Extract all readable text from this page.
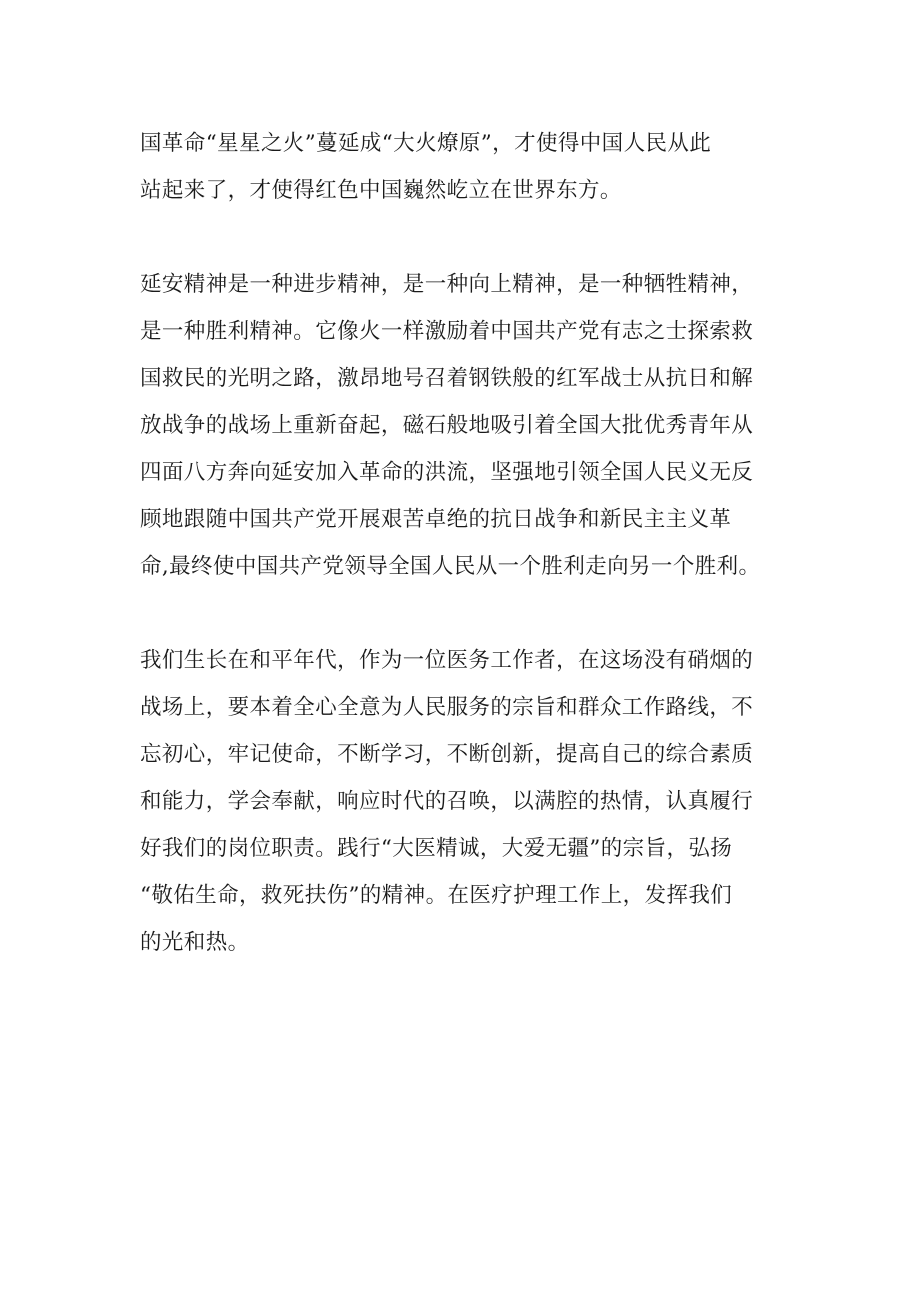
国革命“星星之火”蔓延成“大火燎原”，才使得中国人民从此
站起来了，才使得红色中国巍然屹立在世界东方。

延安精神是一种进步精神，是一种向上精神，是一种牺牲精神，
是一种胜利精神。它像火一样激励着中国共产党有志之士探索救
国救民的光明之路，激昂地号召着钢铁般的红军战士从抗日和解
放战争的战场上重新奋起，磁石般地吸引着全国大批优秀青年从
四面八方奔向延安加入革命的洪流，坚强地引领全国人民义无反
顾地跟随中国共产党开展艰苦卓绝的抗日战争和新民主主义革
命,最终使中国共产党领导全国人民从一个胜利走向另一个胜利。

我们生长在和平年代，作为一位医务工作者，在这场没有硝烟的
战场上，要本着全心全意为人民服务的宗旨和群众工作路线，不
忘初心，牢记使命，不断学习，不断创新，提高自己的综合素质
和能力，学会奉献，响应时代的召唤，以满腔的热情，认真履行
好我们的岗位职责。践行“大医精诚，大爱无疆”的宗旨，弘扬
“敬佑生命，救死扶伤”的精神。在医疗护理工作上，发挥我们
的光和热。
